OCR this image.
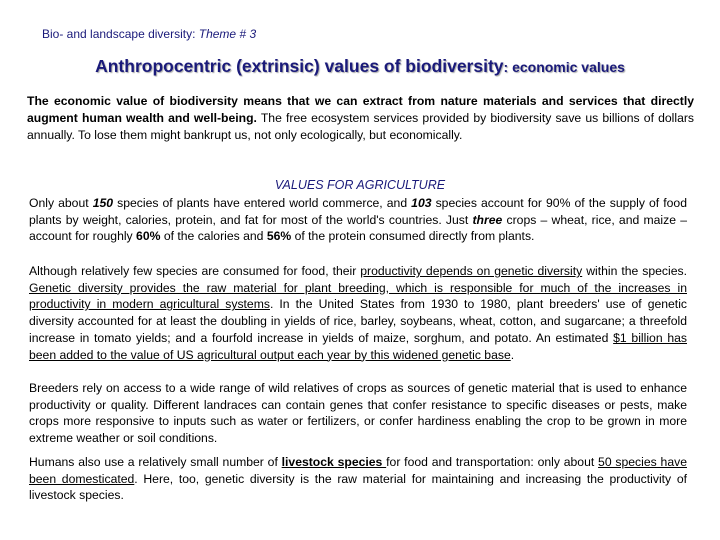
Bio- and landscape diversity: Theme # 3
Anthropocentric (extrinsic) values of biodiversity: economic values

The economic value of biodiversity means that we can extract from nature materials and services that directly augment human wealth and well-being. The free ecosystem services provided by biodiversity save us billions of dollars annually. To lose them might bankrupt us, not only ecologically, but economically.

VALUES FOR AGRICULTURE

Only about 150 species of plants have entered world commerce, and 103 species account for 90% of the supply of food plants by weight, calories, protein, and fat for most of the world's countries. Just three crops – wheat, rice, and maize – account for roughly 60% of the calories and 56% of the protein consumed directly from plants.

Although relatively few species are consumed for food, their productivity depends on genetic diversity within the species. Genetic diversity provides the raw material for plant breeding, which is responsible for much of the increases in productivity in modern agricultural systems. In the United States from 1930 to 1980, plant breeders' use of genetic diversity accounted for at least the doubling in yields of rice, barley, soybeans, wheat, cotton, and sugarcane; a threefold increase in tomato yields; and a fourfold increase in yields of maize, sorghum, and potato. An estimated $1 billion has been added to the value of US agricultural output each year by this widened genetic base.

Breeders rely on access to a wide range of wild relatives of crops as sources of genetic material that is used to enhance productivity or quality. Different landraces can contain genes that confer resistance to specific diseases or pests, make crops more responsive to inputs such as water or fertilizers, or confer hardiness enabling the crop to be grown in more extreme weather or soil conditions.

Humans also use a relatively small number of livestock species for food and transportation: only about 50 species have been domesticated. Here, too, genetic diversity is the raw material for maintaining and increasing the productivity of livestock species.
